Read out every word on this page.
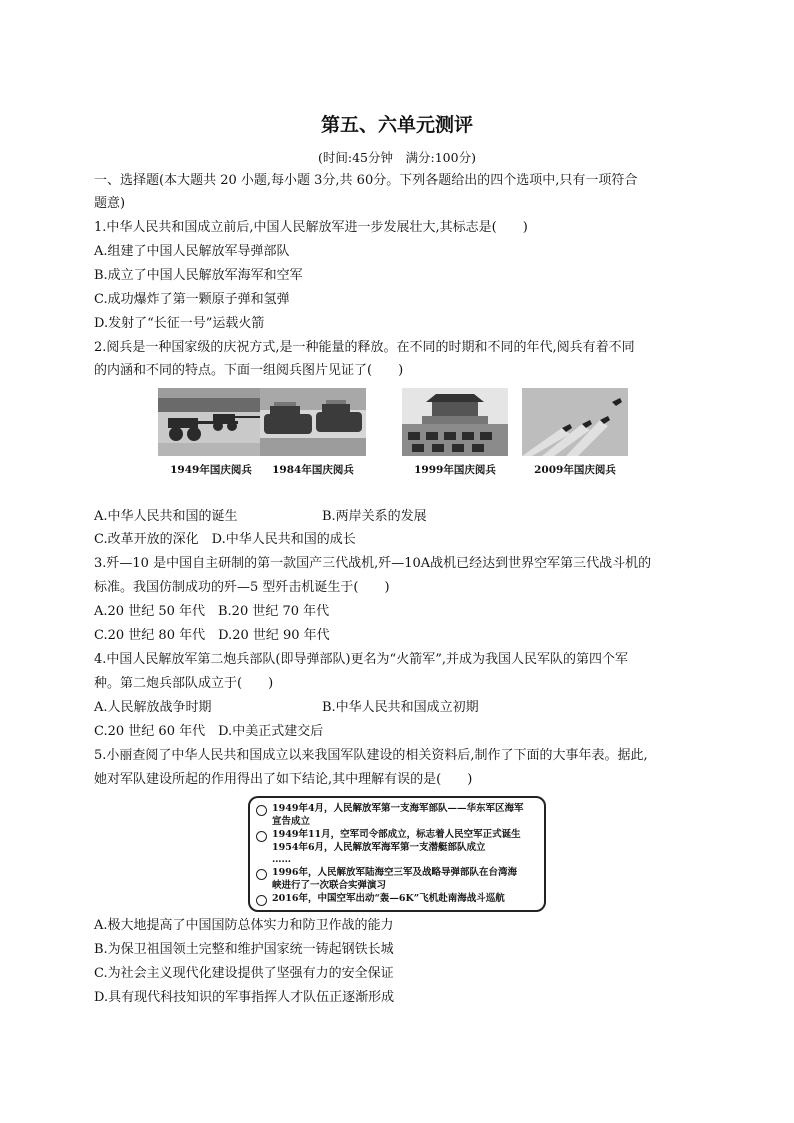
第五、六单元测评
(时间:45分钟　满分:100分)
一、选择题(本大题共 20 小题,每小题 3分,共 60分。下列各题给出的四个选项中,只有一项符合
题意)
1.中华人民共和国成立前后,中国人民解放军进一步发展壮大,其标志是(　　)
A.组建了中国人民解放军导弹部队
B.成立了中国人民解放军海军和空军
C.成功爆炸了第一颗原子弹和氢弹
D.发射了“长征一号”运载火箭
2.阅兵是一种国家级的庆祝方式,是一种能量的释放。在不同的时期和不同的年代,阅兵有着不同
的内涵和不同的特点。下面一组阅兵图片见证了(　　)
1949年国庆阅兵	1984年国庆阅兵	1999年国庆阅兵	2009年国庆阅兵
A.中华人民共和国的诞生	B.两岸关系的发展
C.改革开放的深化　D.中华人民共和国的成长
3.歼—10 是中国自主研制的第一款国产三代战机,歼—10A战机已经达到世界空军第三代战斗机的
标准。我国仿制成功的歼—5 型歼击机诞生于(　　)
A.20 世纪 50 年代　B.20 世纪 70 年代
C.20 世纪 80 年代　D.20 世纪 90 年代
4.中国人民解放军第二炮兵部队(即导弹部队)更名为“火箭军”,并成为我国人民军队的第四个军
种。第二炮兵部队成立于(　　)
A.人民解放战争时期	B.中华人民共和国成立初期
C.20 世纪 60 年代　D.中美正式建交后
5.小丽查阅了中华人民共和国成立以来我国军队建设的相关资料后,制作了下面的大事年表。据此,
她对军队建设所起的作用得出了如下结论,其中理解有误的是(　　)
1949年4月，人民解放军第一支海军部队——华东军区海军
宣告成立
1949年11月，空军司令部成立，标志着人民空军正式诞生
1954年6月，人民解放军海军第一支潜艇部队成立
……
1996年，人民解放军陆海空三军及战略导弹部队在台湾海
峡进行了一次联合实弹演习
2016年，中国空军出动“轰—6K”飞机赴南海战斗巡航
A.极大地提高了中国国防总体实力和防卫作战的能力
B.为保卫祖国领土完整和维护国家统一铸起钢铁长城
C.为社会主义现代化建设提供了坚强有力的安全保证
D.具有现代科技知识的军事指挥人才队伍正逐渐形成
